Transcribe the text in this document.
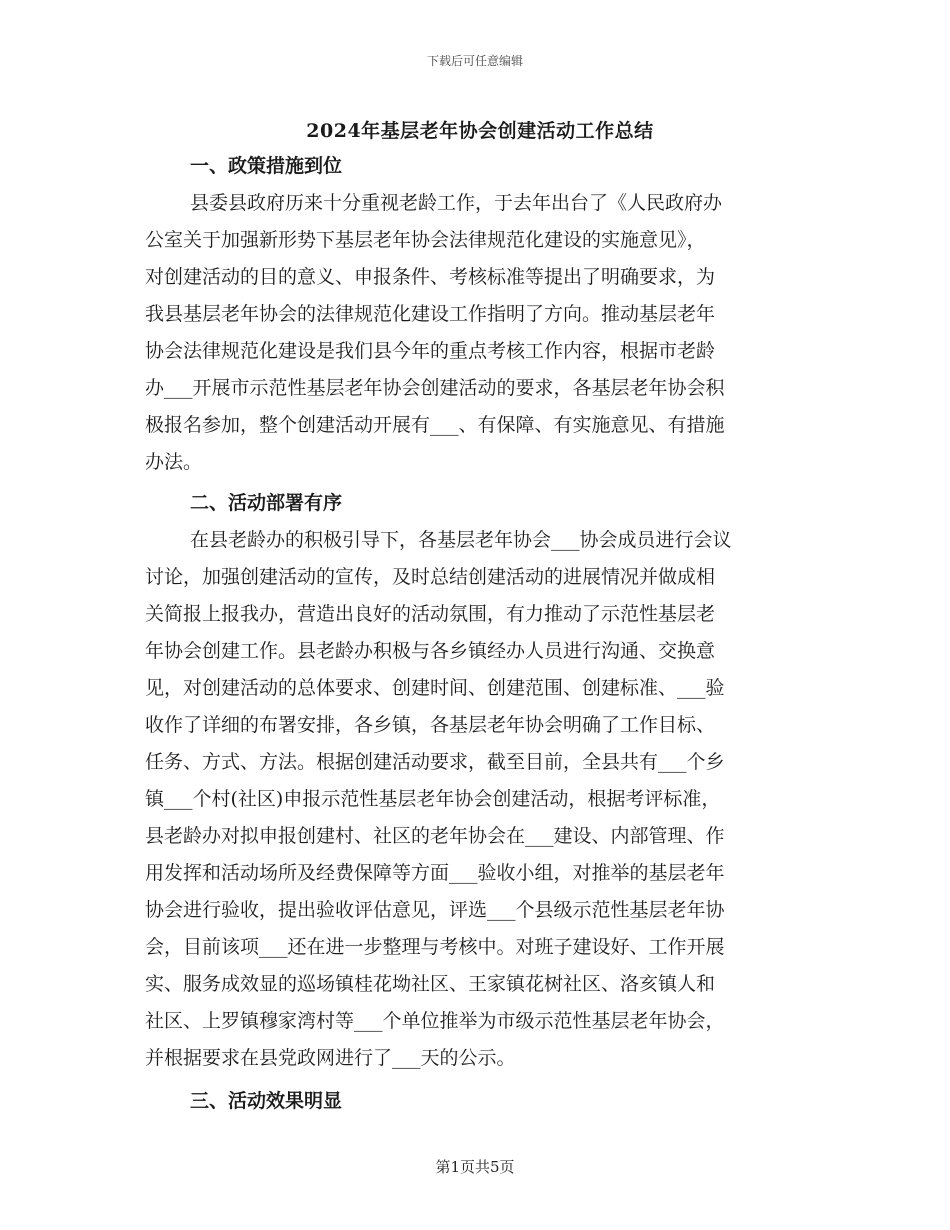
下载后可任意编辑
2024年基层老年协会创建活动工作总结
一、政策措施到位
县委县政府历来十分重视老龄工作，于去年出台了《人民政府办
公室关于加强新形势下基层老年协会法律规范化建设的实施意见》，
对创建活动的目的意义、申报条件、考核标准等提出了明确要求，为
我县基层老年协会的法律规范化建设工作指明了方向。推动基层老年
协会法律规范化建设是我们县今年的重点考核工作内容，根据市老龄
办___开展市示范性基层老年协会创建活动的要求，各基层老年协会积
极报名参加，整个创建活动开展有___、有保障、有实施意见、有措施
办法。
二、活动部署有序
在县老龄办的积极引导下，各基层老年协会___协会成员进行会议
讨论，加强创建活动的宣传，及时总结创建活动的进展情况并做成相
关简报上报我办，营造出良好的活动氛围，有力推动了示范性基层老
年协会创建工作。县老龄办积极与各乡镇经办人员进行沟通、交换意
见，对创建活动的总体要求、创建时间、创建范围、创建标准、___验
收作了详细的布署安排，各乡镇，各基层老年协会明确了工作目标、
任务、方式、方法。根据创建活动要求，截至目前，全县共有___个乡
镇___个村(社区)申报示范性基层老年协会创建活动，根据考评标准，
县老龄办对拟申报创建村、社区的老年协会在___建设、内部管理、作
用发挥和活动场所及经费保障等方面___验收小组，对推举的基层老年
协会进行验收，提出验收评估意见，评选___个县级示范性基层老年协
会，目前该项___还在进一步整理与考核中。对班子建设好、工作开展
实、服务成效显的巡场镇桂花坳社区、王家镇花树社区、洛亥镇人和
社区、上罗镇穆家湾村等___个单位推举为市级示范性基层老年协会，
并根据要求在县党政网进行了___天的公示。
三、活动效果明显
第1页共5页
